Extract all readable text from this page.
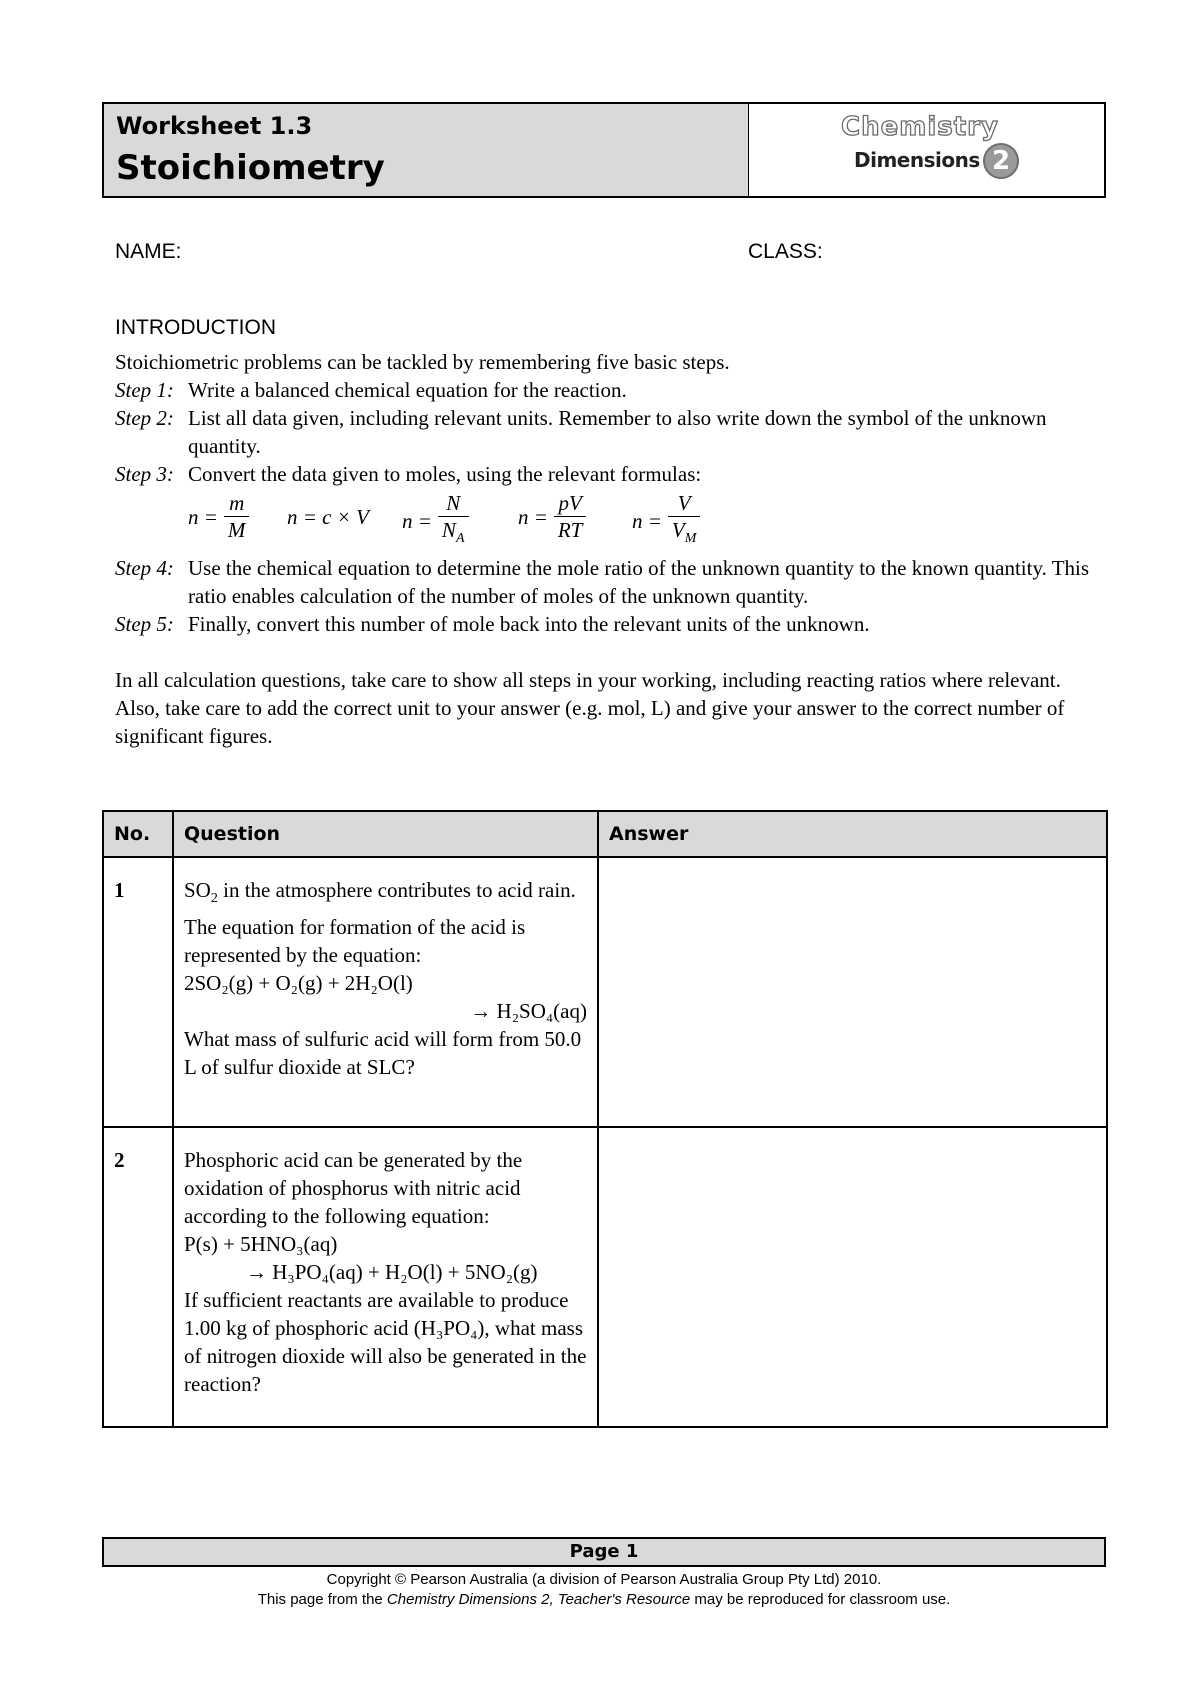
Worksheet 1.3
Stoichiometry
Chemistry
Dimensions 2
NAME:	CLASS:
INTRODUCTION

Stoichiometric problems can be tackled by remembering five basic steps.

Step 1: Write a balanced chemical equation for the reaction.

Step 2: List all data given, including relevant units. Remember to also write down the symbol of the unknown quantity.

Step 3: Convert the data given to moles, using the relevant formulas:

$n = \frac{m}{M}$ n = c × V $n = \frac{N}{N_A}$ $n = \frac{pV}{RT}$ $n = \frac{V}{V_M}$

Step 4: Use the chemical equation to determine the mole ratio of the unknown quantity to the known quantity. This ratio enables calculation of the number of moles of the unknown quantity.

Step 5: Finally, convert this number of mole back into the relevant units of the unknown.

In all calculation questions, take care to show all steps in your working, including reacting ratios where relevant. Also, take care to add the correct unit to your answer (e.g. mol, L) and give your answer to the correct number of significant figures.

No.	Question	Answer
1	$SO_2$ in the atmosphere contributes to acid rain. The equation for formation of the acid is represented by the equation:
2SO₂(g) + O₂(g) + 2H₂O(l)
→ H₂SO₄(aq)
What mass of sulfuric acid will form from 50.0 L of sulfur dioxide at SLC?	

2	Phosphoric acid can be generated by the oxidation of phosphorus with nitric acid according to the following equation:
P(s) + 5HNO₃(aq)
→ H₃PO₄(aq) + H₂O(l) + 5NO₂(g)
If sufficient reactants are available to produce 1.00 kg of phosphoric acid (H₃PO₄), what mass of nitrogen dioxide will also be generated in the reaction?	

Page 1
Copyright © Pearson Australia (a division of Pearson Australia Group Pty Ltd) 2010.
This page from the Chemistry Dimensions 2, Teacher's Resource may be reproduced for classroom use.
